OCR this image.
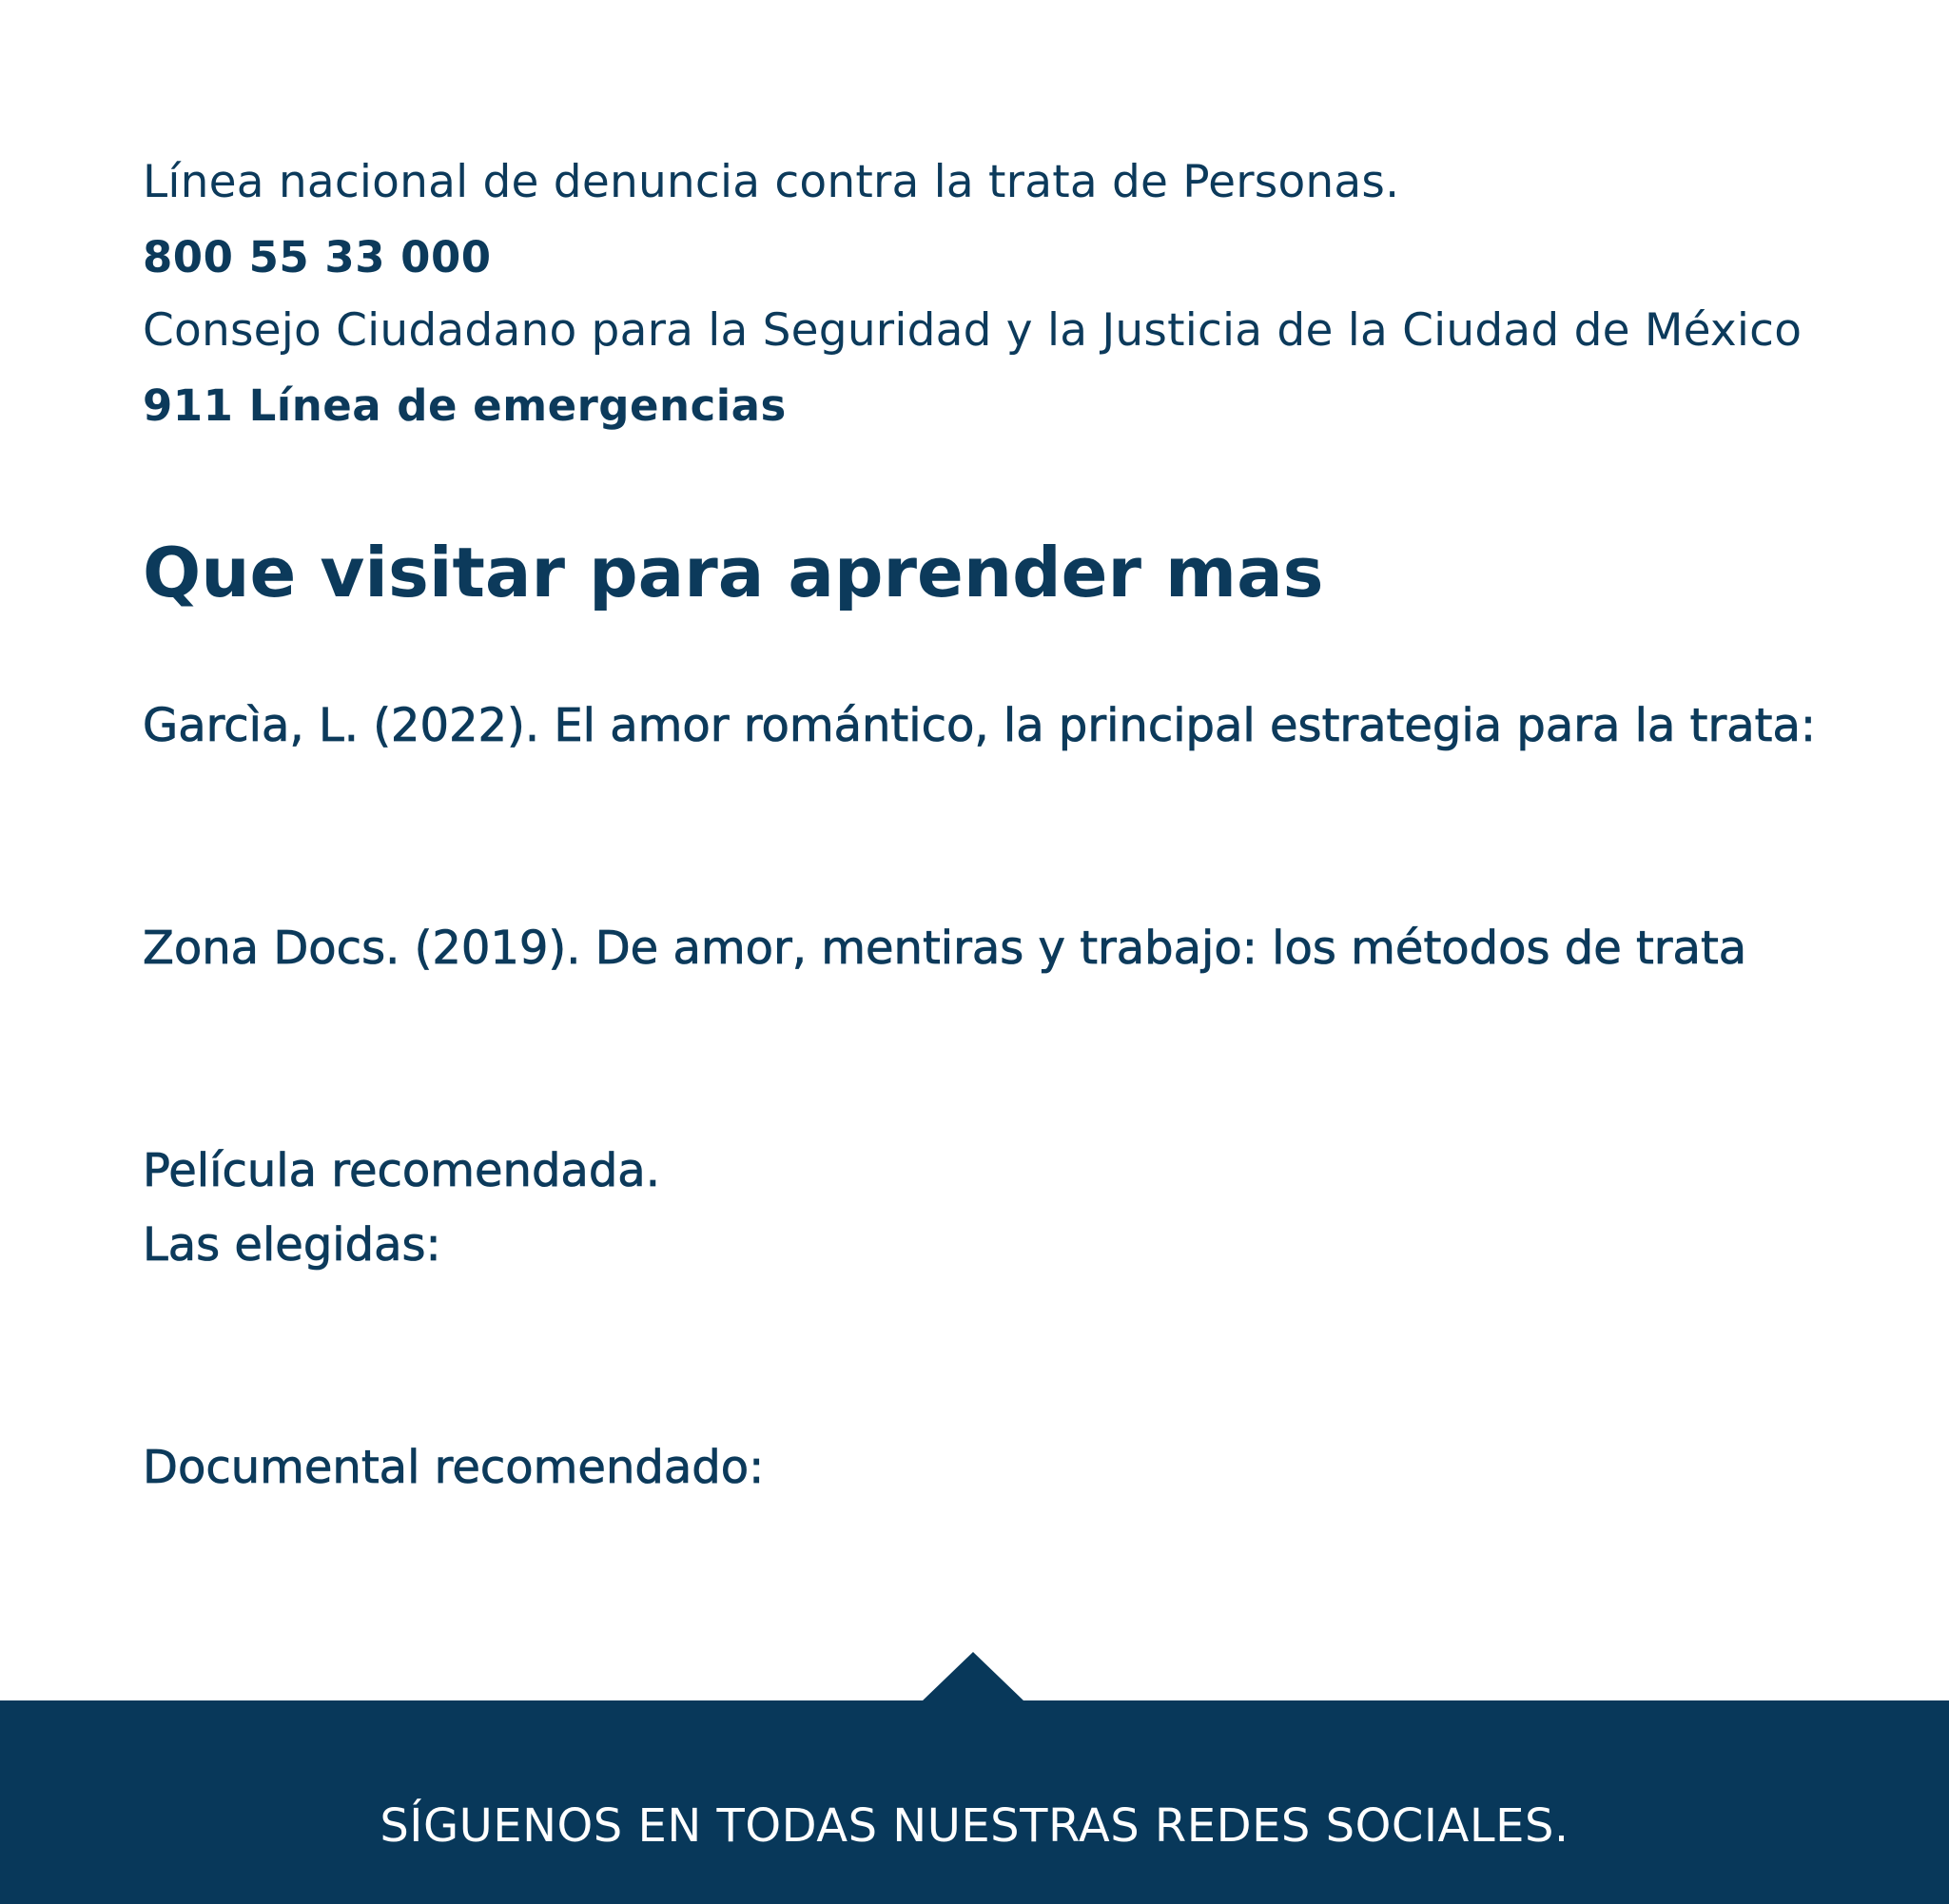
Línea nacional de denuncia contra la trata de Personas.
800 55 33 000
Consejo Ciudadano para la Seguridad y la Justicia de la Ciudad de México
911 Línea de emergencias
Que visitar para aprender mas
Garcìa, L. (2022). El amor romántico, la principal estrategia para la trata:
Zona Docs. (2019). De amor, mentiras y trabajo: los métodos de trata
Película recomendada.
Las elegidas:
Documental recomendado:
SÍGUENOS EN TODAS NUESTRAS REDES SOCIALES.
